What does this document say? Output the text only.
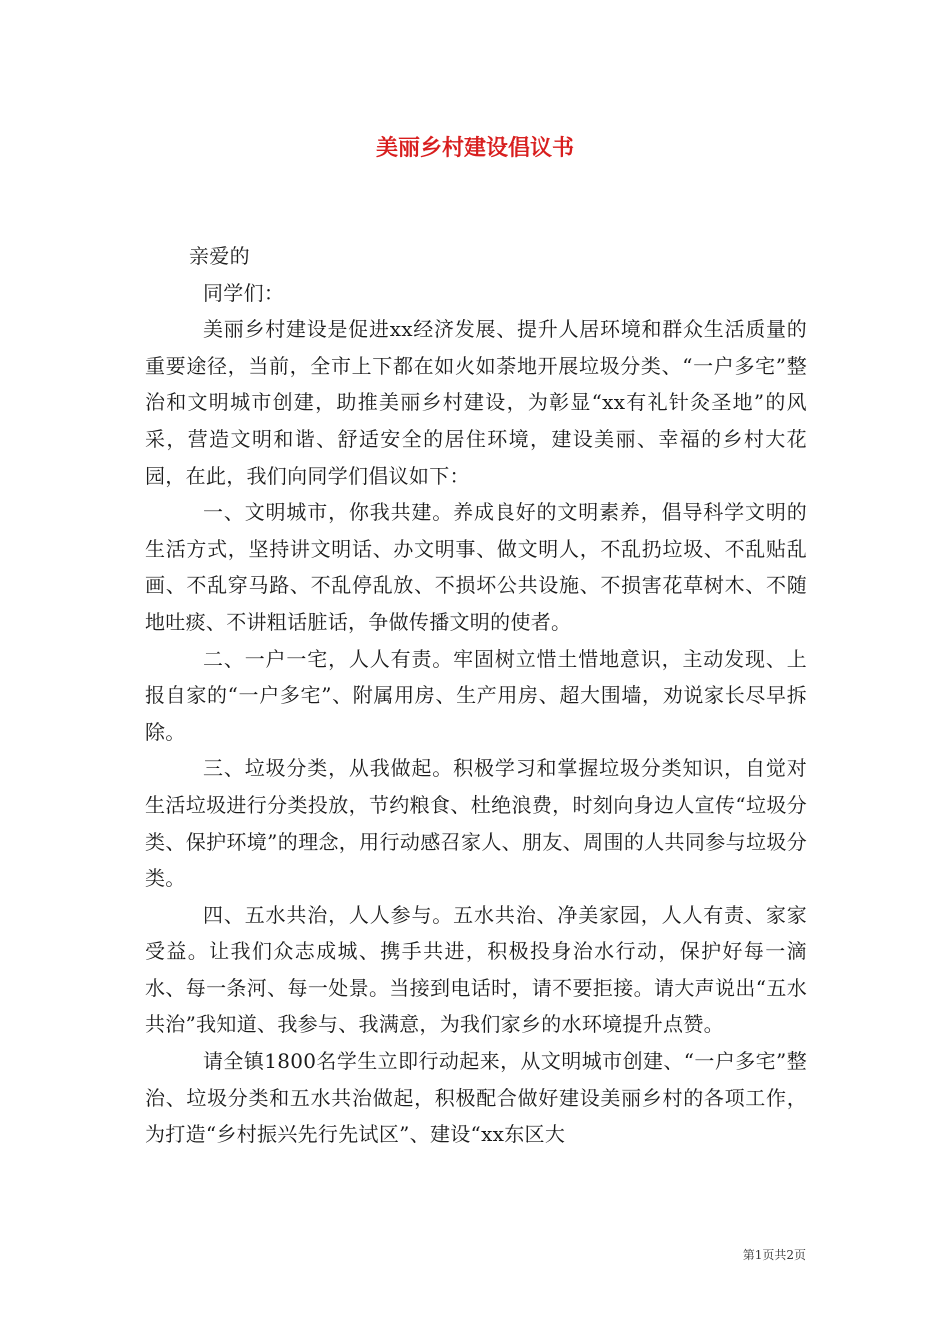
美丽乡村建设倡议书

亲爱的

同学们：

美丽乡村建设是促进xx经济发展、提升人居环境和群众生活质量的重要途径，当前，全市上下都在如火如荼地开展垃圾分类、“一户多宅”整治和文明城市创建，助推美丽乡村建设，为彰显“xx有礼针灸圣地”的风采，营造文明和谐、舒适安全的居住环境，建设美丽、幸福的乡村大花园，在此，我们向同学们倡议如下：

一、文明城市，你我共建。养成良好的文明素养，倡导科学文明的生活方式，坚持讲文明话、办文明事、做文明人，不乱扔垃圾、不乱贴乱画、不乱穿马路、不乱停乱放、不损坏公共设施、不损害花草树木、不随地吐痰、不讲粗话脏话，争做传播文明的使者。

二、一户一宅，人人有责。牢固树立惜土惜地意识，主动发现、上报自家的“一户多宅”、附属用房、生产用房、超大围墙，劝说家长尽早拆除。

三、垃圾分类，从我做起。积极学习和掌握垃圾分类知识，自觉对生活垃圾进行分类投放，节约粮食、杜绝浪费，时刻向身边人宣传“垃圾分类、保护环境”的理念，用行动感召家人、朋友、周围的人共同参与垃圾分类。

四、五水共治，人人参与。五水共治、净美家园，人人有责、家家受益。让我们众志成城、携手共进，积极投身治水行动，保护好每一滴水、每一条河、每一处景。当接到电话时，请不要拒接。请大声说出“五水共治”我知道、我参与、我满意，为我们家乡的水环境提升点赞。

请全镇1800名学生立即行动起来，从文明城市创建、“一户多宅”整治、垃圾分类和五水共治做起，积极配合做好建设美丽乡村的各项工作，为打造“乡村振兴先行先试区”、建设“xx东区大

第1页共2页
